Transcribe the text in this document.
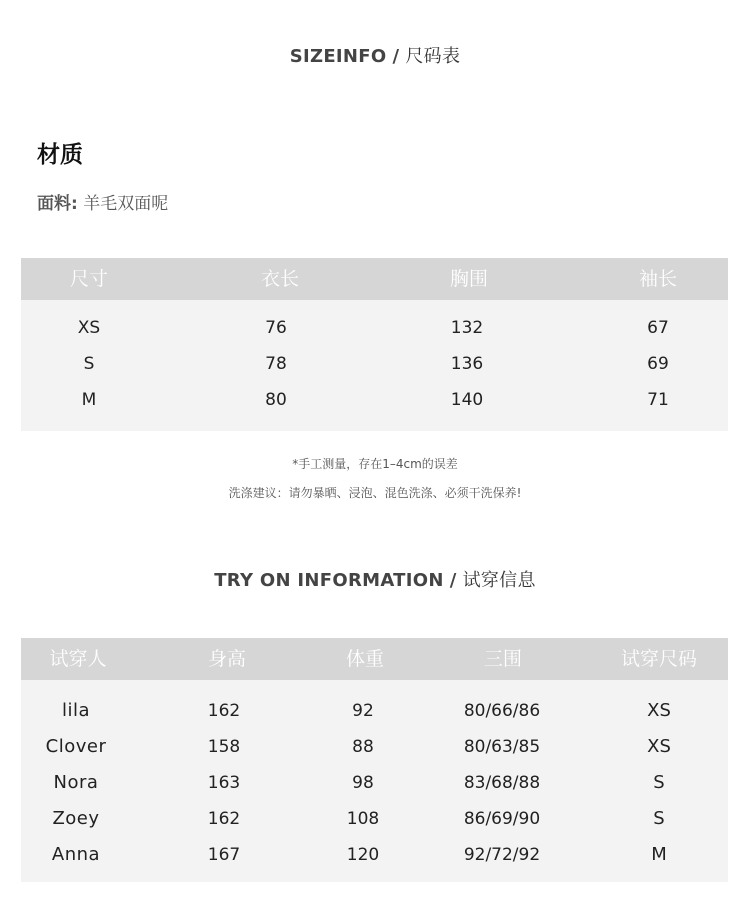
SIZEINFO / 尺码表
材质
面料: 羊毛双面呢
尺寸	衣长	胸围	袖长
XS	76	132	67
S	78	136	69
M	80	140	71
*手工测量，存在1–4cm的误差
洗涤建议：请勿暴晒、浸泡、混色洗涤、必须干洗保养!
TRY ON INFORMATION / 试穿信息
试穿人	身高	体重	三围	试穿尺码
lila	162	92	80/66/86	XS
Clover	158	88	80/63/85	XS
Nora	163	98	83/68/88	S
Zoey	162	108	86/69/90	S
Anna	167	120	92/72/92	M
